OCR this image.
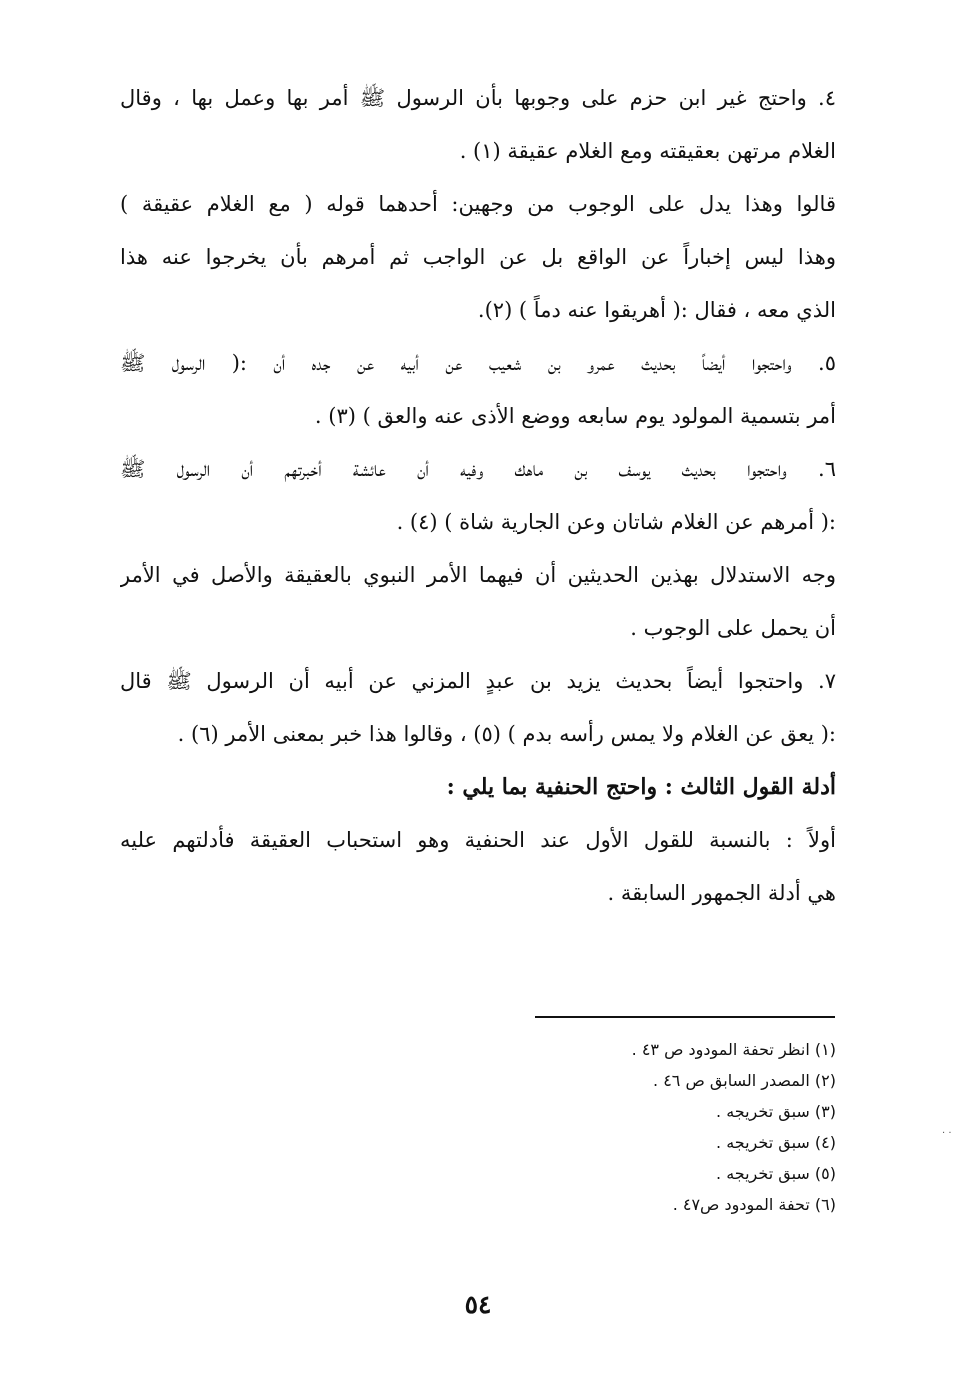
٤. واحتج غير ابن حزم على وجوبها بأن الرسول ﷺ أمر بها وعمل بها ، وقال
الغلام مرتهن بعقيقته ومع الغلام عقيقة (١) .
قالوا وهذا يدل على الوجوب من وجهين: أحدهما قوله ( مع الغلام عقيقة )
وهذا ليس إخباراً عن الواقع بل عن الواجب ثم أمرهم بأن يخرجوا عنه هذا
الذي معه ، فقال :( أهريقوا عنه دماً ) (٢).
٥. واحتجوا أيضاً بحديث عمرو بن شعيب عن أبيه عن جده أن :( الرسول ﷺ
أمر بتسمية المولود يوم سابعه ووضع الأذى عنه والعق ) (٣) .
٦. واحتجوا بحديث يوسف بن ماهك وفيه أن عائشة أخبرتهم أن الرسول ﷺ
:( أمرهم عن الغلام شاتان وعن الجارية شاة ) (٤) .
وجه الاستدلال بهذين الحديثين أن فيهما الأمر النبوي بالعقيقة والأصل في الأمر
أن يحمل على الوجوب .
٧. واحتجوا أيضاً بحديث يزيد بن عبدٍ المزني عن أبيه أن الرسول ﷺ قال
:( يعق عن الغلام ولا يمس رأسه بدم ) (٥) ، وقالوا هذا خبر بمعنى الأمر (٦) .
أدلة القول الثالث : واحتج الحنفية بما يلي :
أولاً : بالنسبة للقول الأول عند الحنفية وهو استحباب العقيقة فأدلتهم عليه
هي أدلة الجمهور السابقة .
(١) انظر تحفة المودود ص ٤٣ .
(٢) المصدر السابق ص ٤٦ .
(٣) سبق تخريجه .
(٤) سبق تخريجه .
(٥) سبق تخريجه .
(٦) تحفة المودود ص٤٧ .
٥٤
· ·
